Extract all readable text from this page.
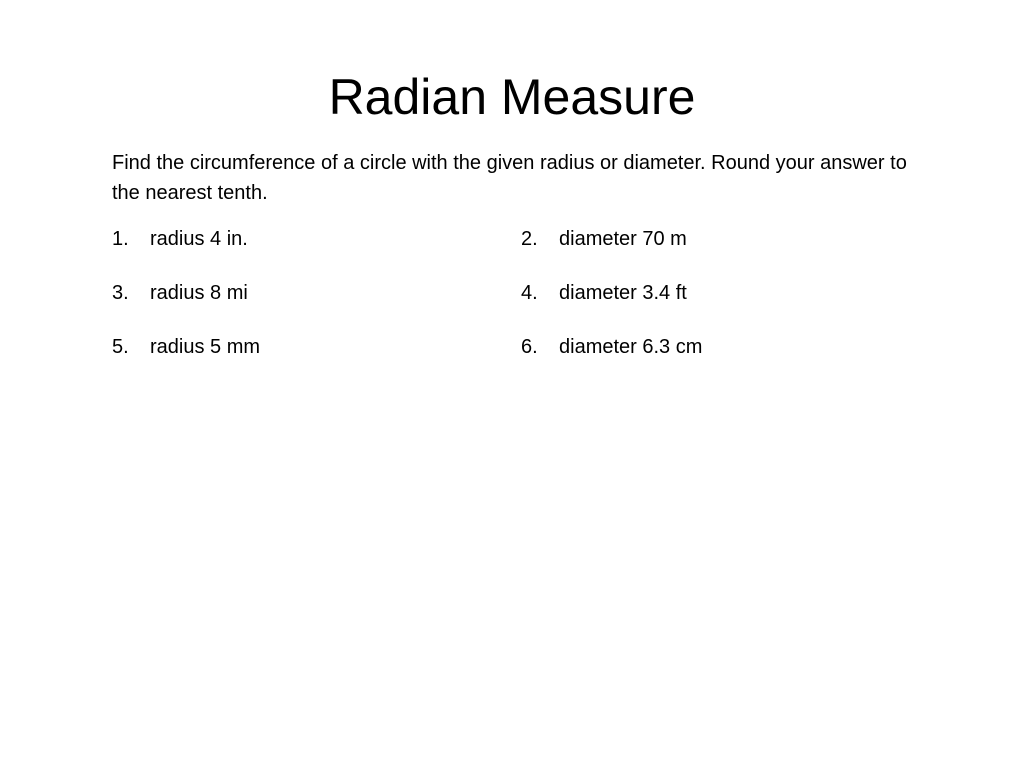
Radian Measure

Find the circumference of a circle with the given radius or diameter. Round your answer to the nearest tenth.

1. radius 4 in.	2. diameter 70 m
3. radius 8 mi	4. diameter 3.4 ft
5. radius 5 mm	6. diameter 6.3 cm
